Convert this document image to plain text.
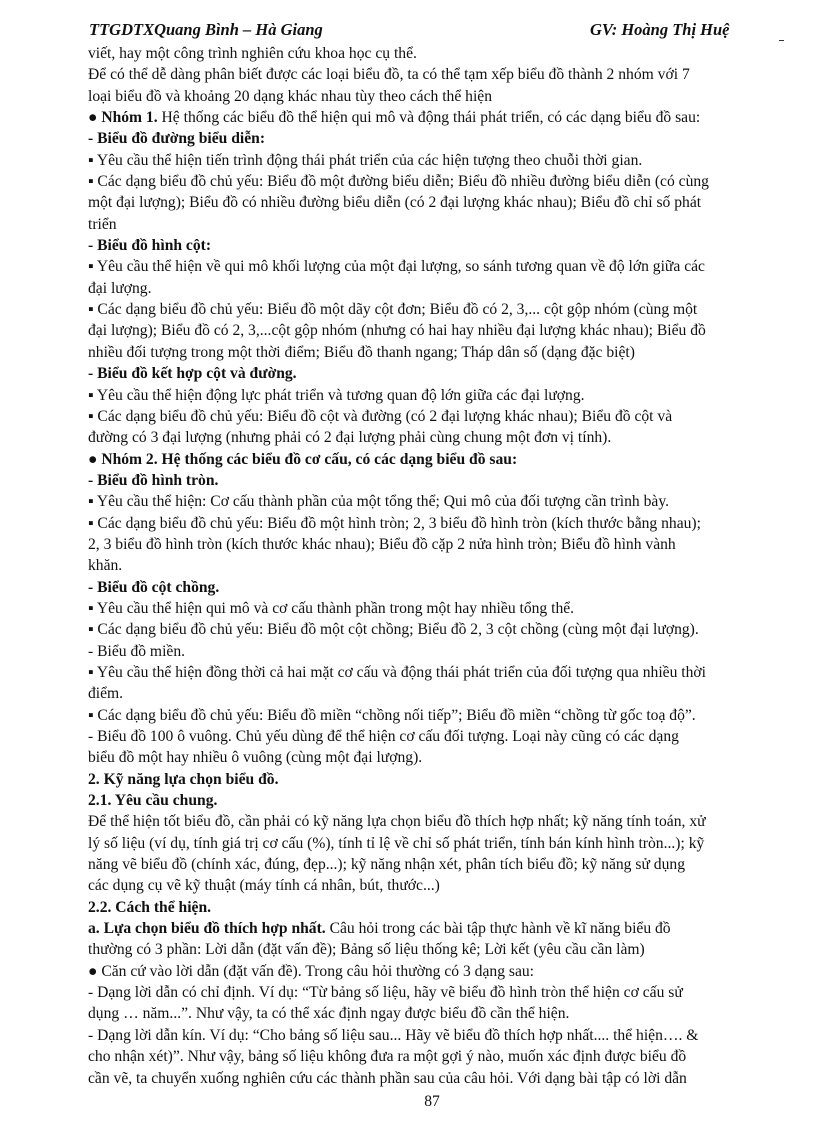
TTGDTXQuang Bình – Hà Giang	GV: Hoàng Thị Huệ
viết, hay một công trình nghiên cứu khoa học cụ thể.
Để có thể dễ dàng phân biết được các loại biểu đồ, ta có thể tạm xếp biểu đồ thành 2 nhóm với 7
loại biểu đồ và khoảng 20 dạng khác nhau tùy theo cách thể hiện
● Nhóm 1. Hệ thống các biểu đồ thể hiện qui mô và động thái phát triển, có các dạng biểu đồ sau:
- Biểu đồ đường biểu diễn:
▪ Yêu cầu thể hiện tiến trình động thái phát triển của các hiện tượng theo chuỗi thời gian.
▪ Các dạng biểu đồ chủ yếu: Biểu đồ một đường biểu diễn; Biểu đồ nhiều đường biểu diễn (có cùng
một đại lượng); Biểu đồ có nhiều đường biểu diễn (có 2 đại lượng khác nhau); Biểu đồ chỉ số phát
triển
- Biểu đồ hình cột:
▪ Yêu cầu thể hiện về qui mô khối lượng của một đại lượng, so sánh tương quan về độ lớn giữa các
đại lượng.
▪ Các dạng biểu đồ chủ yếu: Biểu đồ một dãy cột đơn; Biểu đồ có 2, 3,... cột gộp nhóm (cùng một
đại lượng); Biểu đồ có 2, 3,...cột gộp nhóm (nhưng có hai hay nhiều đại lượng khác nhau); Biểu đồ
nhiều đối tượng trong một thời điểm; Biểu đồ thanh ngang; Tháp dân số (dạng đặc biệt)
- Biểu đồ kết hợp cột và đường.
▪ Yêu cầu thể hiện động lực phát triển và tương quan độ lớn giữa các đại lượng.
▪ Các dạng biểu đồ chủ yếu: Biểu đồ cột và đường (có 2 đại lượng khác nhau); Biểu đồ cột và
đường có 3 đại lượng (nhưng phải có 2 đại lượng phải cùng chung một đơn vị tính).
● Nhóm 2. Hệ thống các biểu đồ cơ cấu, có các dạng biểu đồ sau:
- Biểu đồ hình tròn.
▪ Yêu cầu thể hiện: Cơ cấu thành phần của một tổng thể; Qui mô của đối tượng cần trình bày.
▪ Các dạng biểu đồ chủ yếu: Biểu đồ một hình tròn; 2, 3 biểu đồ hình tròn (kích thước bằng nhau);
2, 3 biểu đồ hình tròn (kích thước khác nhau); Biểu đồ cặp 2 nửa hình tròn; Biểu đồ hình vành
khăn.
- Biểu đồ cột chồng.
▪ Yêu cầu thể hiện qui mô và cơ cấu thành phần trong một hay nhiều tổng thể.
▪ Các dạng biểu đồ chủ yếu: Biểu đồ một cột chồng; Biểu đồ 2, 3 cột chồng (cùng một đại lượng).
- Biểu đồ miền.
▪ Yêu cầu thể hiện đồng thời cả hai mặt cơ cấu và động thái phát triển của đối tượng qua nhiều thời
điểm.
▪ Các dạng biểu đồ chủ yếu: Biểu đồ miền “chồng nối tiếp”; Biểu đồ miền “chồng từ gốc toạ độ”.
- Biểu đồ 100 ô vuông. Chủ yếu dùng để thể hiện cơ cấu đối tượng. Loại này cũng có các dạng
biểu đồ một hay nhiều ô vuông (cùng một đại lượng).
2. Kỹ năng lựa chọn biểu đồ.
2.1. Yêu cầu chung.
Để thể hiện tốt biểu đồ, cần phải có kỹ năng lựa chọn biểu đồ thích hợp nhất; kỹ năng tính toán, xử
lý số liệu (ví dụ, tính giá trị cơ cấu (%), tính tỉ lệ về chỉ số phát triển, tính bán kính hình tròn...); kỹ
năng vẽ biểu đồ (chính xác, đúng, đẹp...); kỹ năng nhận xét, phân tích biểu đồ; kỹ năng sử dụng
các dụng cụ vẽ kỹ thuật (máy tính cá nhân, bút, thước...)
2.2. Cách thể hiện.
a. Lựa chọn biểu đồ thích hợp nhất. Câu hỏi trong các bài tập thực hành về kĩ năng biểu đồ
thường có 3 phần: Lời dẫn (đặt vấn đề); Bảng số liệu thống kê; Lời kết (yêu cầu cần làm)
● Căn cứ vào lời dẫn (đặt vấn đề). Trong câu hỏi thường có 3 dạng sau:
- Dạng lời dẫn có chỉ định. Ví dụ: “Từ bảng số liệu, hãy vẽ biểu đồ hình tròn thể hiện cơ cấu sử
dụng … năm...”. Như vậy, ta có thể xác định ngay được biểu đồ cần thể hiện.
- Dạng lời dẫn kín. Ví dụ: “Cho bảng số liệu sau... Hãy vẽ biểu đồ thích hợp nhất.... thể hiện…. &
cho nhận xét)”. Như vậy, bảng số liệu không đưa ra một gợi ý nào, muốn xác định được biểu đồ
cần vẽ, ta chuyển xuống nghiên cứu các thành phần sau của câu hỏi. Với dạng bài tập có lời dẫn
87
